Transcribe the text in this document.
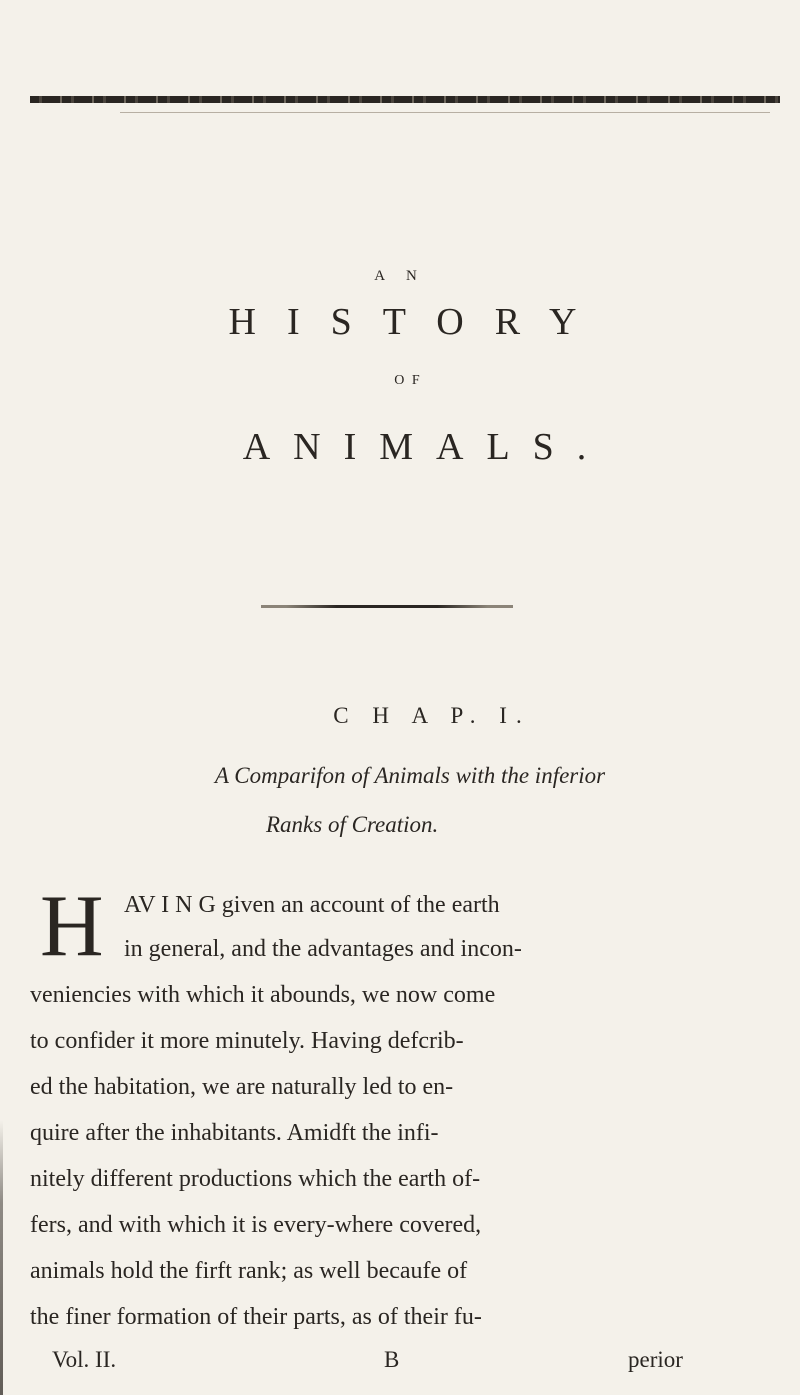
A N
HISTORY
O F
ANIMALS.
C H A P. I.
A Comparifon of Animals with the inferior
Ranks of Creation.
H AV I N G given an account of the earth
in general, and the advantages and incon-
veniencies with which it abounds, we now come
to confider it more minutely. Having defcrib-
ed the habitation, we are naturally led to en-
quire after the inhabitants. Amidft the infi-
nitely different productions which the earth of-
fers, and with which it is every-where covered,
animals hold the firft rank; as well becaufe of
the finer formation of their parts, as of their fu-
Vol. II.	B	perior
